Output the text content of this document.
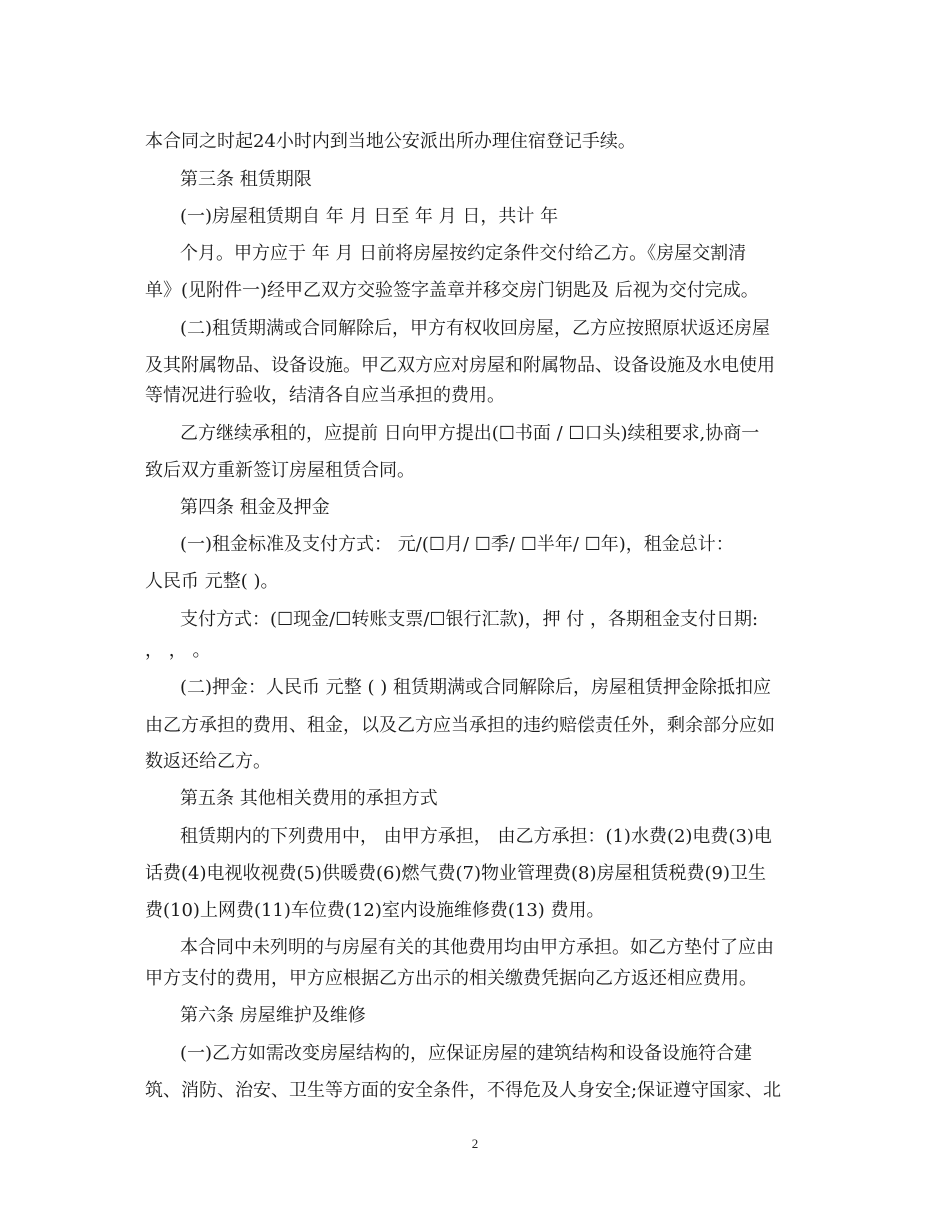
本合同之时起24小时内到当地公安派出所办理住宿登记手续。
第三条 租赁期限
(一)房屋租赁期自 年 月 日至 年 月 日，共计 年
个月。甲方应于 年 月 日前将房屋按约定条件交付给乙方。《房屋交割清
单》(见附件一)经甲乙双方交验签字盖章并移交房门钥匙及 后视为交付完成。
(二)租赁期满或合同解除后，甲方有权收回房屋，乙方应按照原状返还房屋
及其附属物品、设备设施。甲乙双方应对房屋和附属物品、设备设施及水电使用
等情况进行验收，结清各自应当承担的费用。
乙方继续承租的，应提前 日向甲方提出(☐书面 / ☐口头)续租要求,协商一
致后双方重新签订房屋租赁合同。
第四条 租金及押金
(一)租金标准及支付方式： 元/(☐月/ ☐季/ ☐半年/ ☐年)，租金总计：
人民币 元整( )。
支付方式：(☐现金/☐转账支票/☐银行汇款)，押 付 ，各期租金支付日期:
， ， 。
(二)押金：人民币 元整 ( ) 租赁期满或合同解除后，房屋租赁押金除抵扣应
由乙方承担的费用、租金，以及乙方应当承担的违约赔偿责任外，剩余部分应如
数返还给乙方。
第五条 其他相关费用的承担方式
租赁期内的下列费用中， 由甲方承担， 由乙方承担：(1)水费(2)电费(3)电
话费(4)电视收视费(5)供暖费(6)燃气费(7)物业管理费(8)房屋租赁税费(9)卫生
费(10)上网费(11)车位费(12)室内设施维修费(13) 费用。
本合同中未列明的与房屋有关的其他费用均由甲方承担。如乙方垫付了应由
甲方支付的费用，甲方应根据乙方出示的相关缴费凭据向乙方返还相应费用。
第六条 房屋维护及维修
(一)乙方如需改变房屋结构的，应保证房屋的建筑结构和设备设施符合建
筑、消防、治安、卫生等方面的安全条件，不得危及人身安全;保证遵守国家、北
2
